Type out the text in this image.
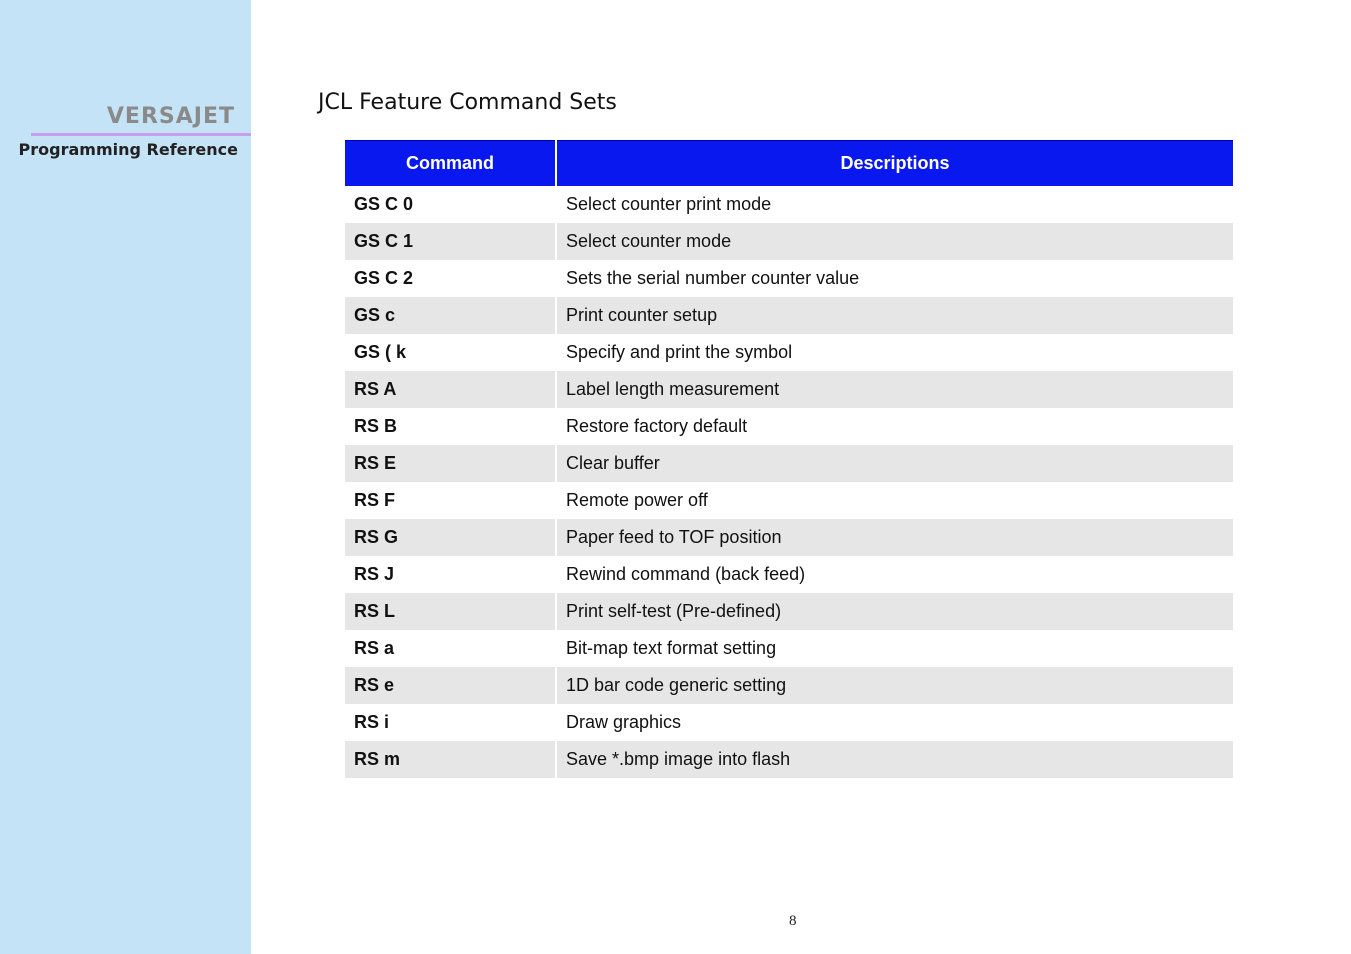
VERSAJET
Programming Reference
JCL Feature Command Sets
Command	Descriptions
GS C 0	Select counter print mode
GS C 1	Select counter mode
GS C 2	Sets the serial number counter value
GS c	Print counter setup
GS ( k	Specify and print the symbol
RS A	Label length measurement
RS B	Restore factory default
RS E	Clear buffer
RS F	Remote power off
RS G	Paper feed to TOF position
RS J	Rewind command (back feed)
RS L	Print self-test (Pre-defined)
RS a	Bit-map text format setting
RS e	1D bar code generic setting
RS i	Draw graphics
RS m	Save *.bmp image into flash
8
